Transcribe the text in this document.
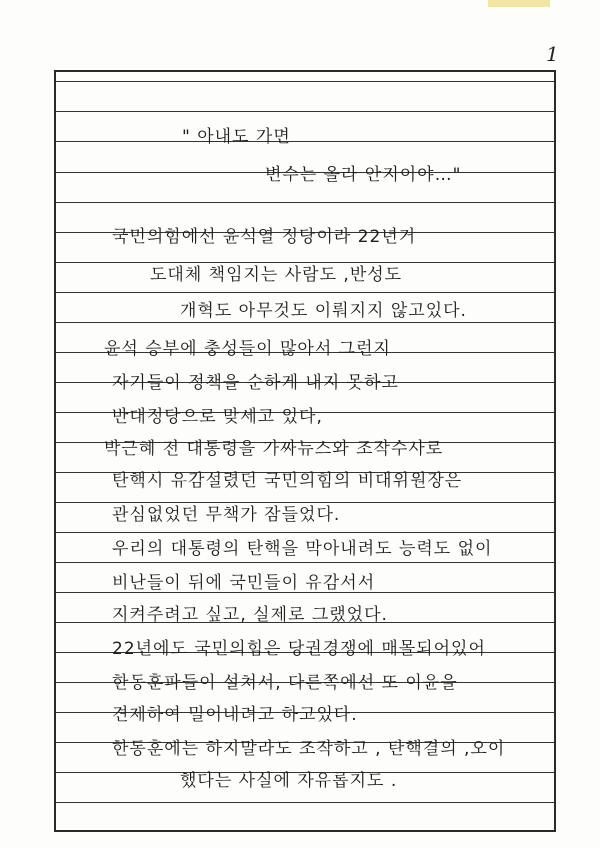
1
" 아내도 가면
변수는 올라 안지이야…"
국민의힘에선 윤석열 정당이라 22년거
도대체 책임지는 사람도 ,반성도
개혁도 아무것도 이뤄지지 않고있다.
윤석 승부에 충성들이 많아서 그런지
자기들이 정책을 순하게 내지 못하고
반대정당으로 맞세고 있다,
박근혜 전 대통령을 가짜뉴스와 조작수사로
탄핵시 유감설렸던 국민의힘의 비대위원장은
관심없었던 무책가 잠들었다.
우리의 대통령의 탄핵을 막아내려도 능력도 없이
비난들이 뒤에 국민들이 유감서서
지켜주려고 싶고, 실제로 그랬었다.
22년에도 국민의힘은 당권경쟁에 매몰되어있어
한동훈파들이 설쳐서, 다른쪽에선 또 이윤을
견제하여 밀어내려고 하고있다.
한동훈에는 하지말라도 조작하고 , 탄핵결의 ,오이
했다는 사실에 자유롭지도 .
